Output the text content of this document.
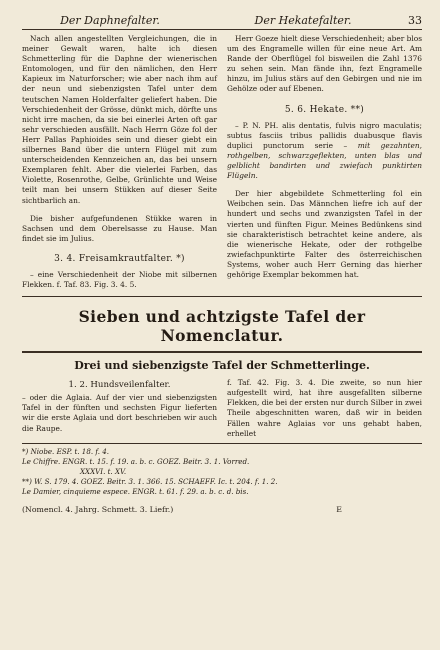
Der Daphnefalter.	Der Hekatefalter.	33

Nach allen angestellten Vergleichungen, die in meiner Gewalt waren, halte ich diesen Schmetterling für die Daphne der wienerischen Entomologen, und für den nämlichen, den Herr Kapieux im Naturforscher; wie aber nach ihm auf der neun und siebenzigsten Tafel unter dem teutschen Namen Holderfalter geliefert haben. Die Verschiedenheit der Grösse, dünkt mich, dörfte uns nicht irre machen, da sie bei einerlei Arten oft gar sehr verschieden ausfällt. Nach Herrn Göze fol der Herr Pallas Paphioides sein und dieser giebt ein silbernes Band über die untern Flügel mit zum unterscheidenden Kennzeichen an, das bei unsern Exemplaren fehlt. Aber die vielerlei Farben, das Violette, Rosenrothe, Gelbe, Grünlichte und Weise teilt man bei unsern Stükken auf dieser Seite sichtbarlich an.

Die bisher aufgefundenen Stükke waren in Sachsen und dem Oberelsasse zu Hause. Man findet sie im Julius.

3. 4. Freisamkrautfalter. *)

– eine Verschiedenheit der Niobe mit silbernen Flekken. f. Taf. 83. Fig. 3. 4. 5.

Herr Goeze hielt diese Verschiedenheit; aber blos um des Engramelle willen für eine neue Art. Am Rande der Oberflügel fol bisweilen die Zahl 1376 zu sehen sein. Man fände ihn, fezt Engramelle hinzu, im Julius stärs auf den Gebirgen und nie im Gehölze oder auf Ebenen.

5. 6. Hekate. **)

– P. N. PH. alis dentatis, fulvis nigro maculatis; subtus fasciis tribus pallidis duabusque flavis duplici punctorum serie – mit gezahnten, rothgelben, schwarzgeflekten, unten blas und gelblicht bandirten und zwiefach punktirten Flügeln.

Der hier abgebildete Schmetterling fol ein Weibchen sein. Das Männchen liefre ich auf der hundert und sechs und zwanzigsten Tafel in der vierten und fünften Figur. Meines Bedünkens sind sie charakteristisch betrachtet keine andere, als die wienerische Hekate, oder der rothgelbe zwiefachpunktirte Falter des österreichischen Systems, woher auch Herr Gerning das hierher gehörige Exemplar bekommen hat.

Sieben und achtzigste Tafel der Nomenclatur.
Drei und siebenzigste Tafel der Schmetterlinge.
1. 2. Hundsveilenfalter.

– oder die Aglaia. Auf der vier und siebenzigsten Tafel in der fünften und sechsten Figur lieferten wir die erste Aglaia und dort beschrieben wir auch die Raupe.

f. Taf. 42. Fig. 3. 4. Die zweite, so nun hier aufgestellt wird, hat ihre ausgefallten silberne Flekken, die bei der ersten nur durch Silber in zwei Theile abgeschnitten waren, daß wir in beiden Fällen wahre Aglaias vor uns gehabt haben, erhellet

*) Niobe. ESP. t. 18. f. 4.

Le Chiffre. ENGR. t. 15. f. 19. a. b. c. GOEZ. Beitr. 3. 1. Vorred.

XXXVI. t. XV.

**) W. S. 179. 4. GOEZ. Beitr. 3. 1. 366. 15. SCHAEFF. Ic. t. 204. f. 1. 2.

Le Damier, cinquieme espece. ENGR. t. 61. f. 29. a. b. c. d. bis.

(Nomencl. 4. Jahrg. Schmett. 3. Liefr.)	E
